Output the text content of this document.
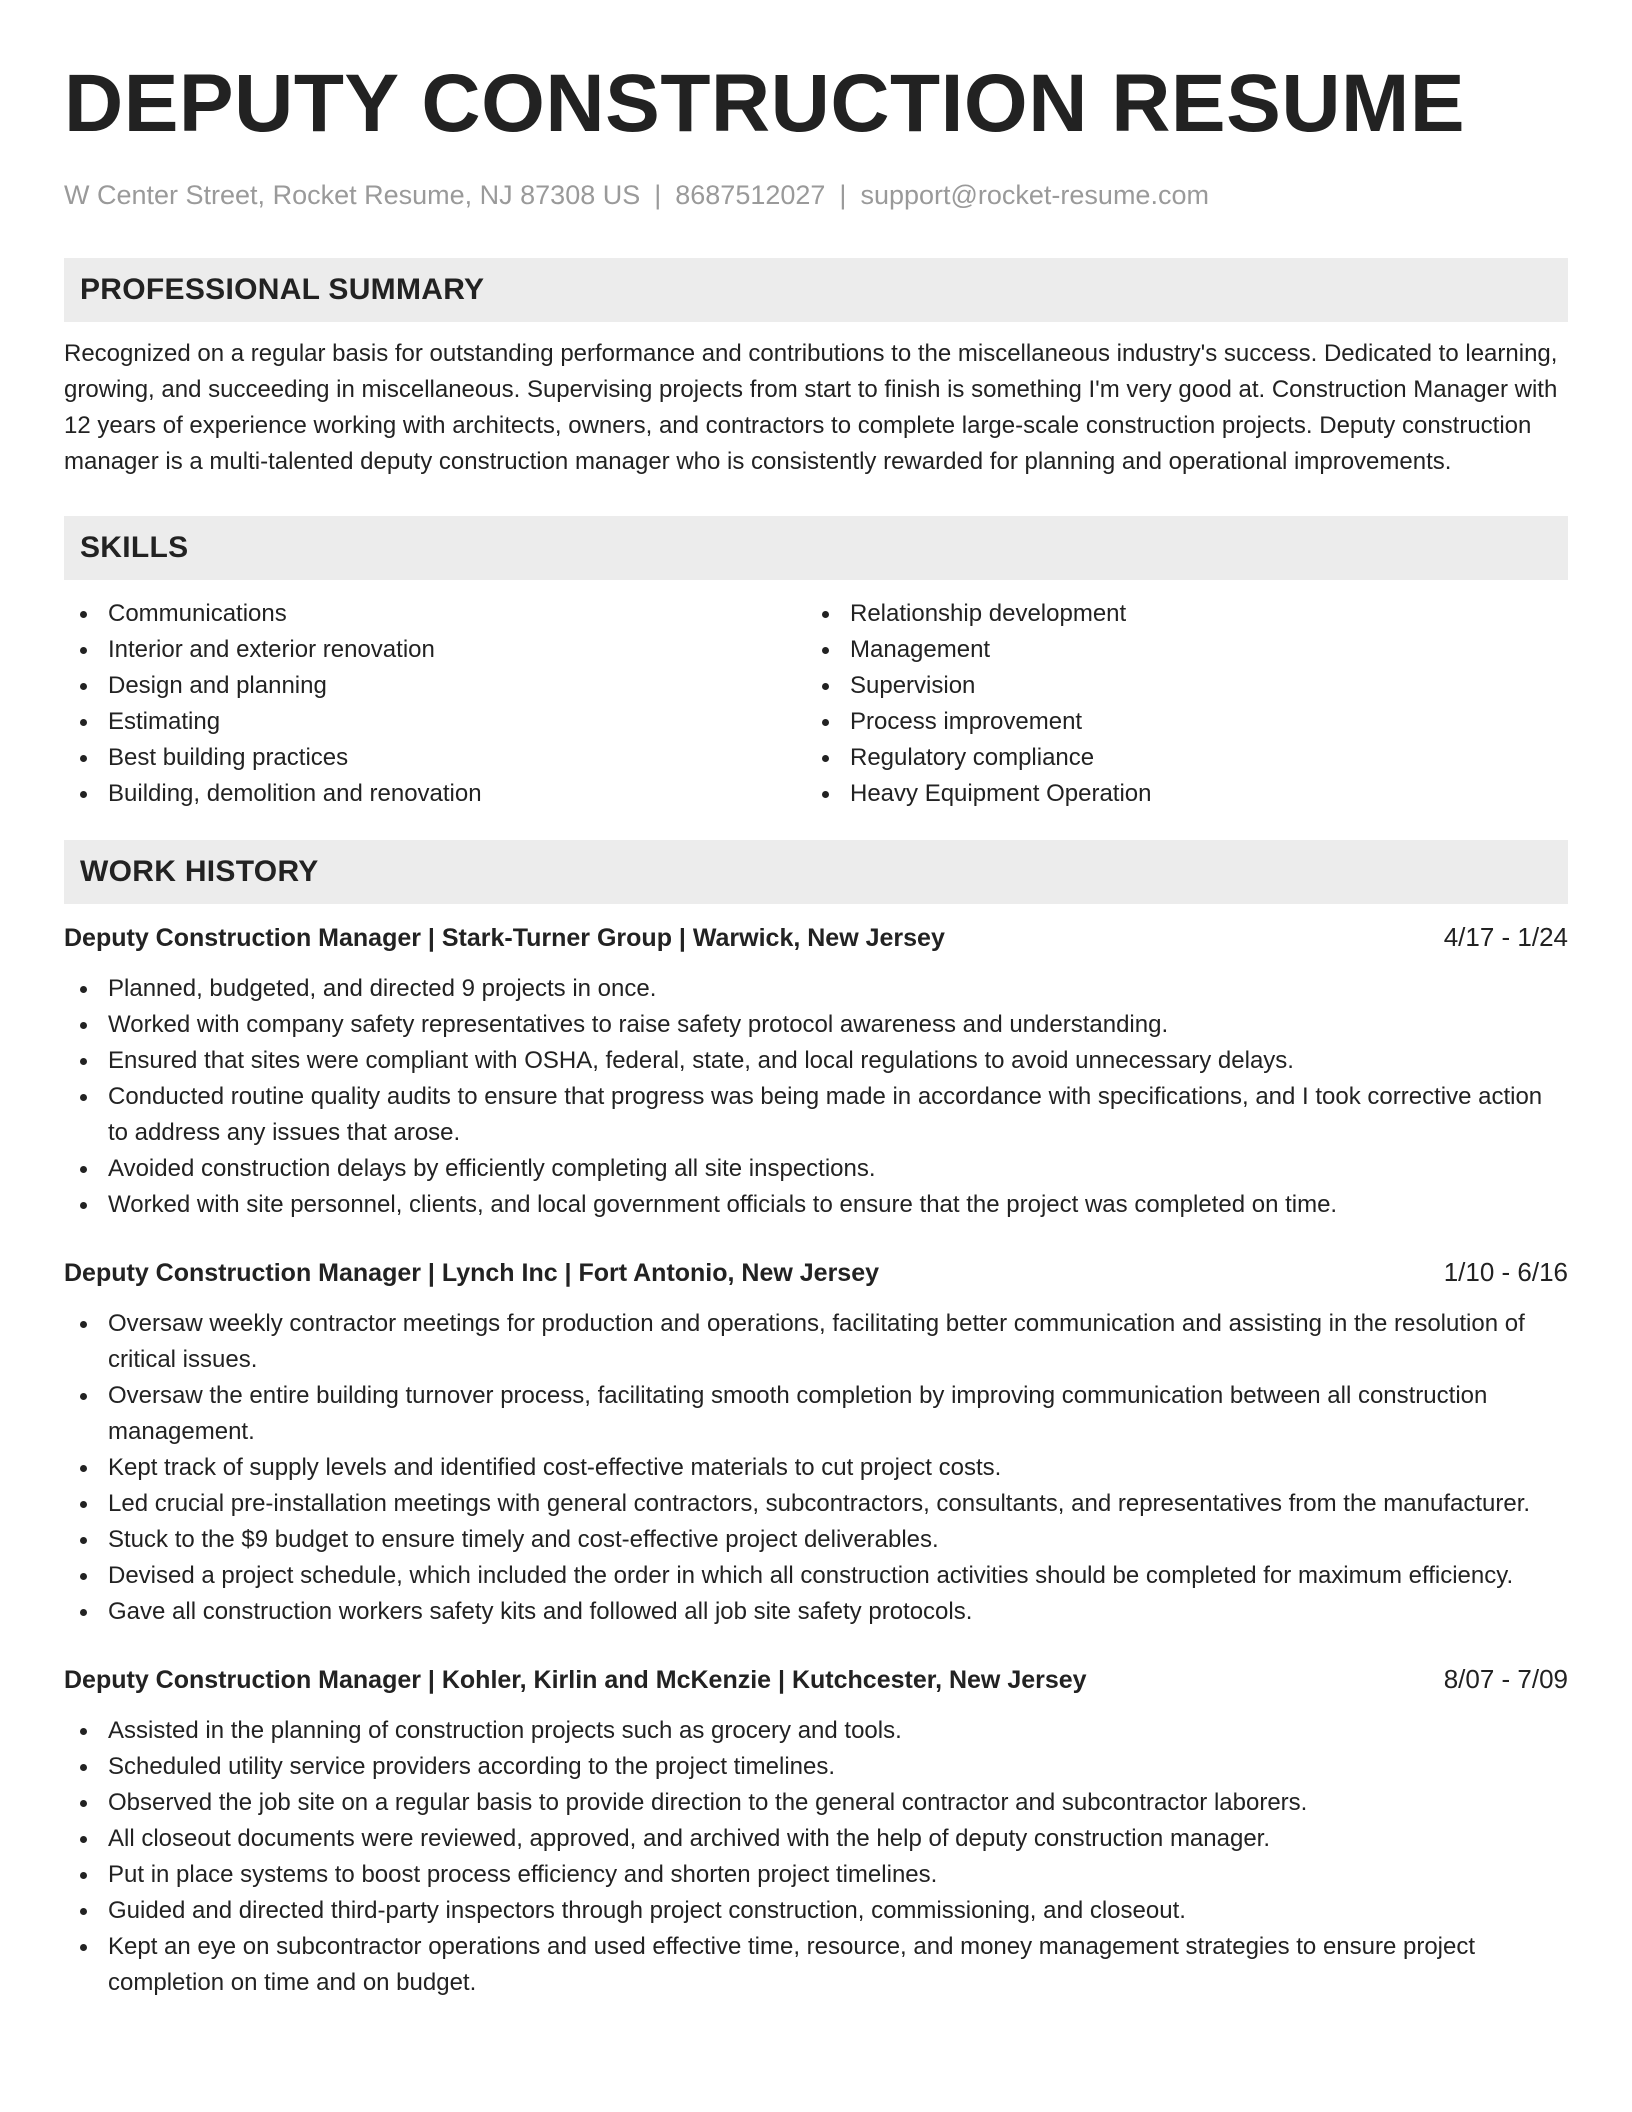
DEPUTY CONSTRUCTION RESUME
W Center Street, Rocket Resume, NJ 87308 US | 8687512027 | support@rocket-resume.com
PROFESSIONAL SUMMARY

Recognized on a regular basis for outstanding performance and contributions to the miscellaneous industry's success. Dedicated to learning, growing, and succeeding in miscellaneous. Supervising projects from start to finish is something I'm very good at. Construction Manager with 12 years of experience working with architects, owners, and contractors to complete large-scale construction projects. Deputy construction manager is a multi-talented deputy construction manager who is consistently rewarded for planning and operational improvements.

SKILLS
Communications
Interior and exterior renovation
Design and planning
Estimating
Best building practices
Building, demolition and renovation
Relationship development
Management
Supervision
Process improvement
Regulatory compliance
Heavy Equipment Operation
WORK HISTORY
Deputy Construction Manager | Stark-Turner Group | Warwick, New Jersey	4/17 - 1/24
Planned, budgeted, and directed 9 projects in once.
Worked with company safety representatives to raise safety protocol awareness and understanding.
Ensured that sites were compliant with OSHA, federal, state, and local regulations to avoid unnecessary delays.
Conducted routine quality audits to ensure that progress was being made in accordance with specifications, and I took corrective action to address any issues that arose.
Avoided construction delays by efficiently completing all site inspections.
Worked with site personnel, clients, and local government officials to ensure that the project was completed on time.
Deputy Construction Manager | Lynch Inc | Fort Antonio, New Jersey	1/10 - 6/16
Oversaw weekly contractor meetings for production and operations, facilitating better communication and assisting in the resolution of critical issues.
Oversaw the entire building turnover process, facilitating smooth completion by improving communication between all construction management.
Kept track of supply levels and identified cost-effective materials to cut project costs.
Led crucial pre-installation meetings with general contractors, subcontractors, consultants, and representatives from the manufacturer.
Stuck to the $9 budget to ensure timely and cost-effective project deliverables.
Devised a project schedule, which included the order in which all construction activities should be completed for maximum efficiency.
Gave all construction workers safety kits and followed all job site safety protocols.
Deputy Construction Manager | Kohler, Kirlin and McKenzie | Kutchcester, New Jersey	8/07 - 7/09
Assisted in the planning of construction projects such as grocery and tools.
Scheduled utility service providers according to the project timelines.
Observed the job site on a regular basis to provide direction to the general contractor and subcontractor laborers.
All closeout documents were reviewed, approved, and archived with the help of deputy construction manager.
Put in place systems to boost process efficiency and shorten project timelines.
Guided and directed third-party inspectors through project construction, commissioning, and closeout.
Kept an eye on subcontractor operations and used effective time, resource, and money management strategies to ensure project completion on time and on budget.
